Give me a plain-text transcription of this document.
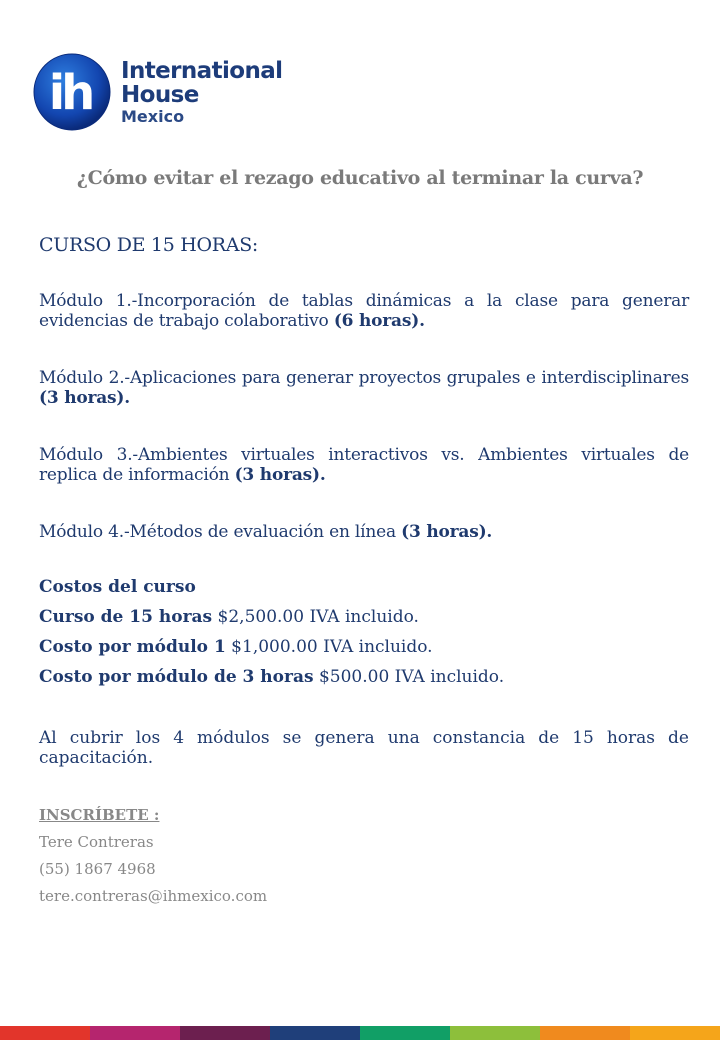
ih International
House
Mexico
¿Cómo evitar el rezago educativo al terminar la curva?
CURSO DE 15 HORAS:
Módulo 1.-Incorporación de tablas dinámicas a la clase para generar evidencias de trabajo colaborativo (6 horas).
Módulo 2.-Aplicaciones para generar proyectos grupales e interdisciplinares (3 horas).
Módulo 3.-Ambientes virtuales interactivos vs. Ambientes virtuales de replica de información (3 horas).
Módulo 4.-Métodos de evaluación en línea (3 horas).
Costos del curso
Curso de 15 horas $2,500.00 IVA incluido.
Costo por módulo 1 $1,000.00 IVA incluido.
Costo por módulo de 3 horas $500.00 IVA incluido.
Al cubrir los 4 módulos se genera una constancia de 15 horas de capacitación.
INSCRÍBETE :
Tere Contreras
(55) 1867 4968
tere.contreras@ihmexico.com
